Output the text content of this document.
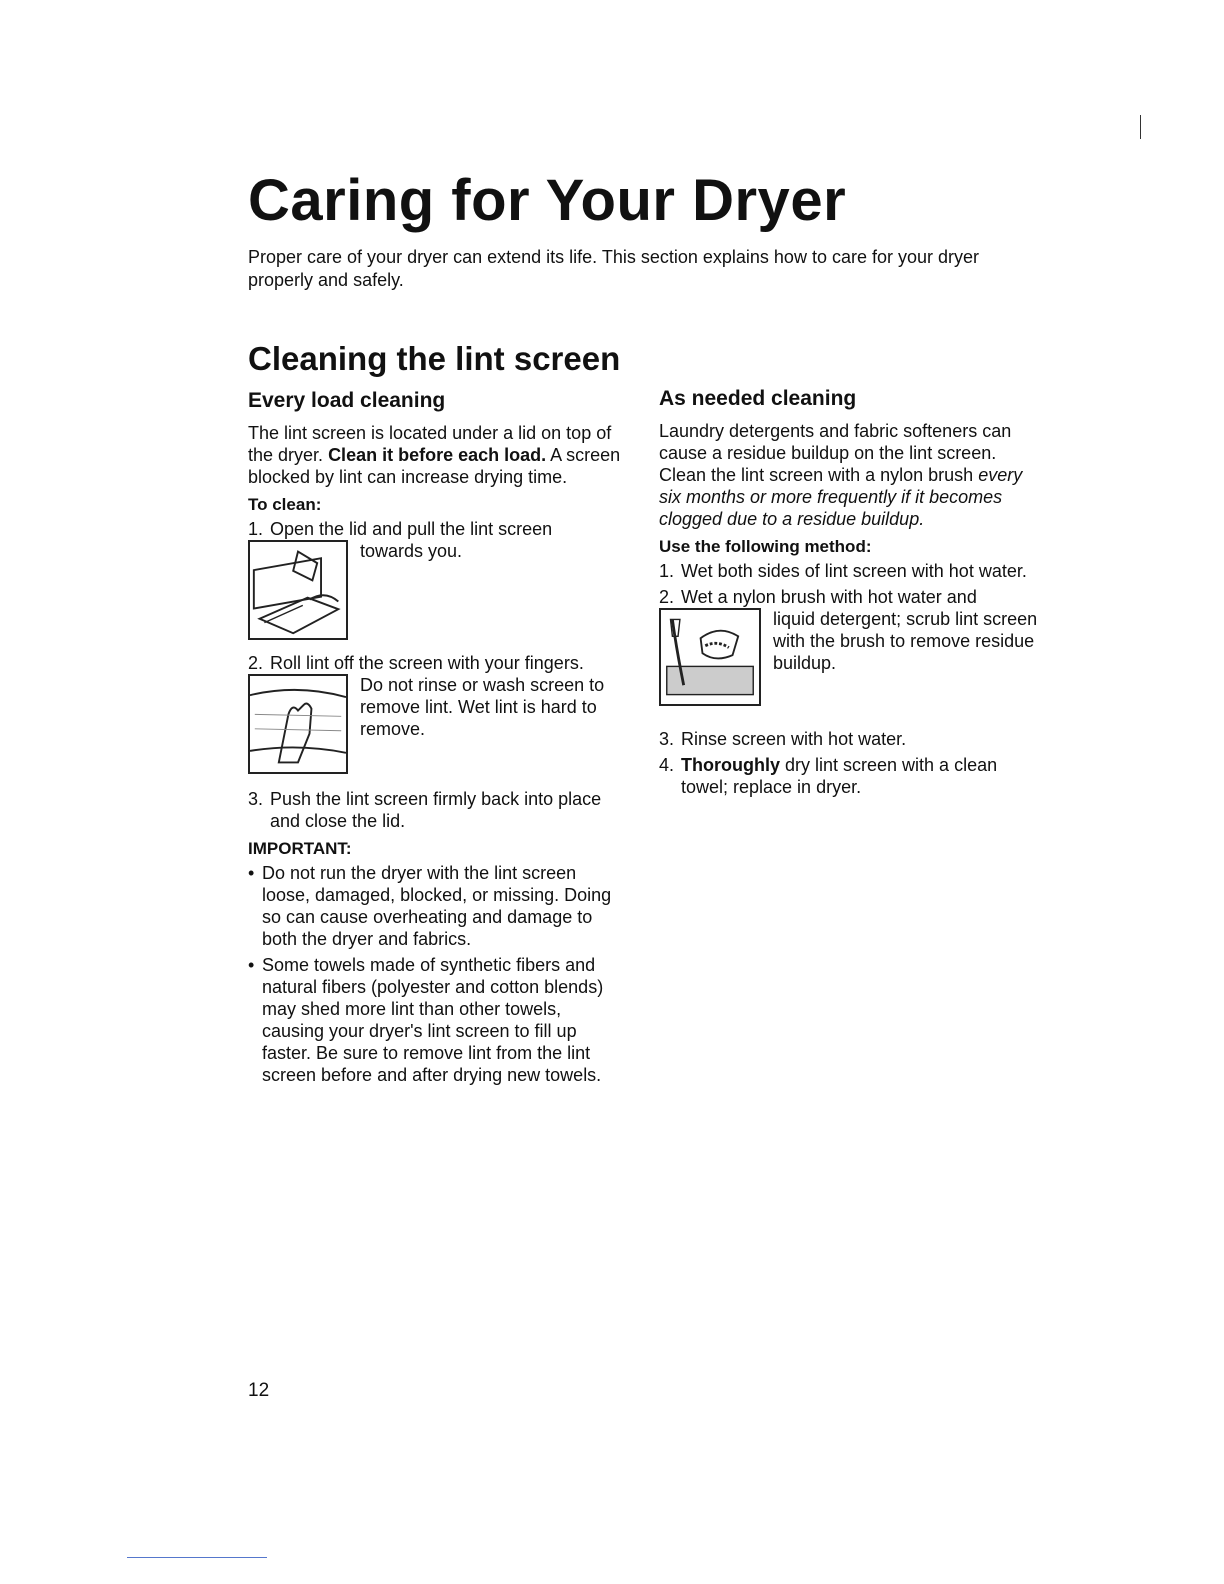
Caring for Your Dryer

Proper care of your dryer can extend its life. This section explains how to care for your dryer properly and safely.

Cleaning the lint screen
Every load cleaning

The lint screen is located under a lid on top of the dryer. Clean it before each load. A screen blocked by lint can increase drying time.

To clean:

1. Open the lid and pull the lint screen

towards you.

2. Roll lint off the screen with your fingers.

Do not rinse or wash screen to remove lint. Wet lint is hard to remove.

3. Push the lint screen firmly back into place and close the lid.

IMPORTANT:

• Do not run the dryer with the lint screen loose, damaged, blocked, or missing. Doing so can cause overheating and damage to both the dryer and fabrics.

• Some towels made of synthetic fibers and natural fibers (polyester and cotton blends) may shed more lint than other towels, causing your dryer's lint screen to fill up faster. Be sure to remove lint from the lint screen before and after drying new towels.

As needed cleaning

Laundry detergents and fabric softeners can cause a residue buildup on the lint screen. Clean the lint screen with a nylon brush every six months or more frequently if it becomes clogged due to a residue buildup.

Use the following method:

1. Wet both sides of lint screen with hot water.

2. Wet a nylon brush with hot water and

liquid detergent; scrub lint screen with the brush to remove residue buildup.

3. Rinse screen with hot water.

4. Thoroughly dry lint screen with a clean towel; replace in dryer.

12
